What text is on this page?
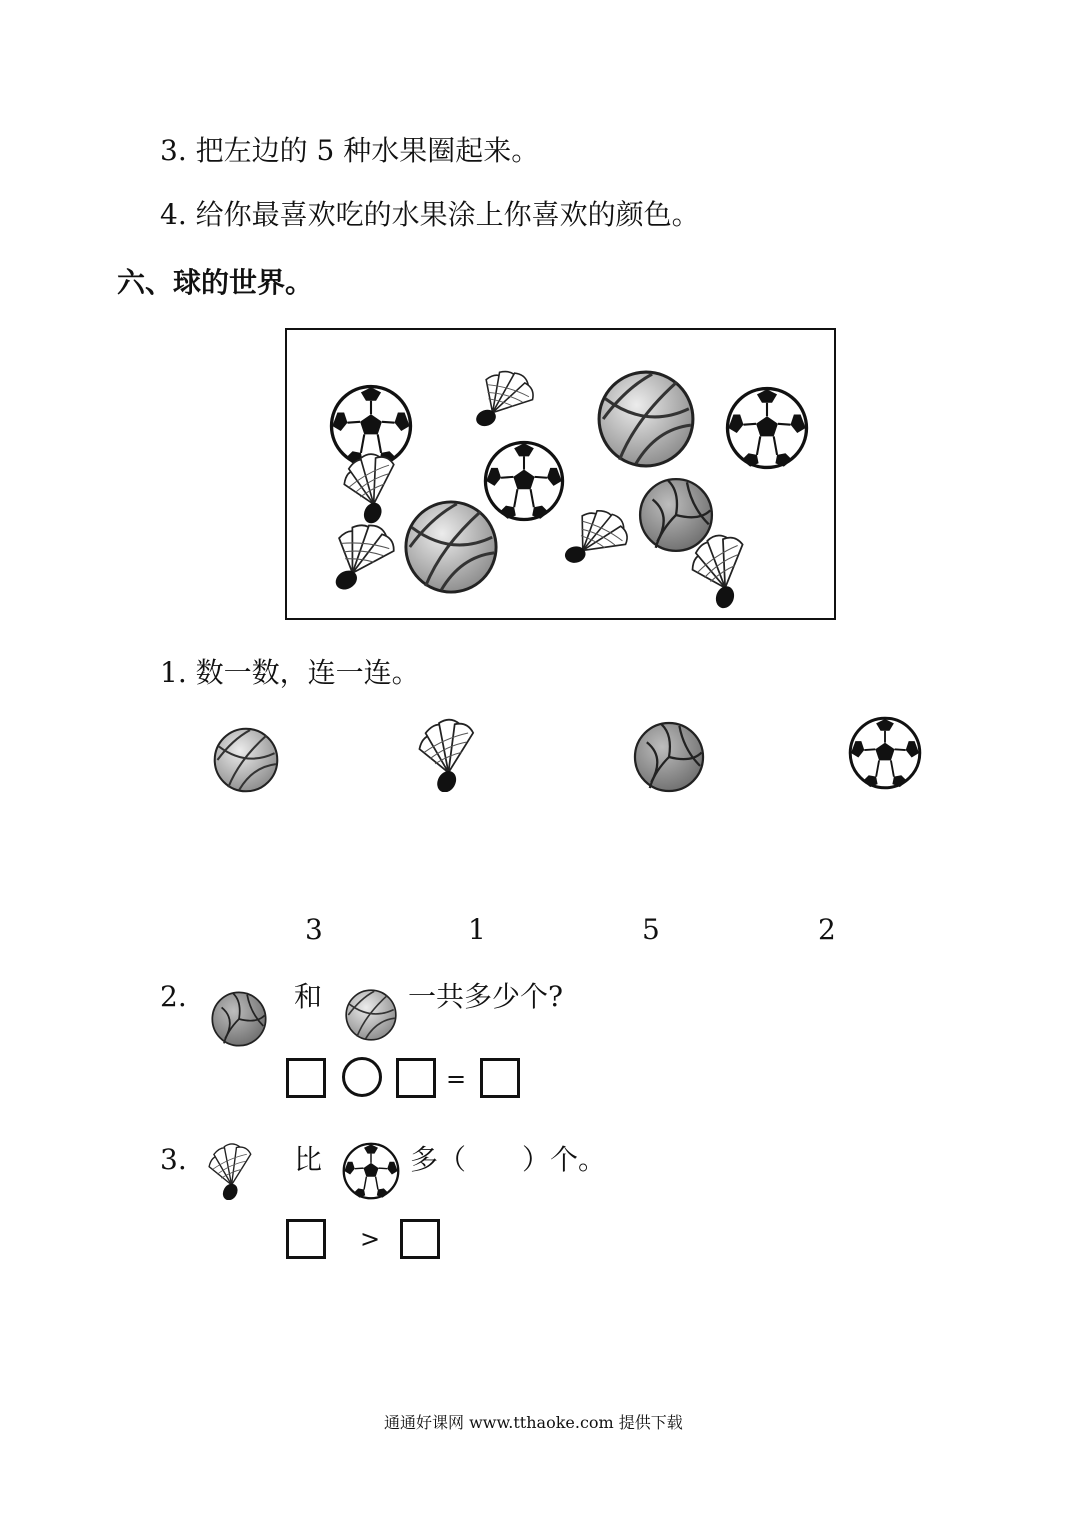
3. 把左边的 5 种水果圈起来。
4. 给你最喜欢吃的水果涂上你喜欢的颜色。
六、球的世界。
1. 数一数，连一连。
3	1	5	2
2.	和	一共多少个?
=
3.	比	多（　　）个。
>
通通好课网 www.tthaoke.com 提供下载
